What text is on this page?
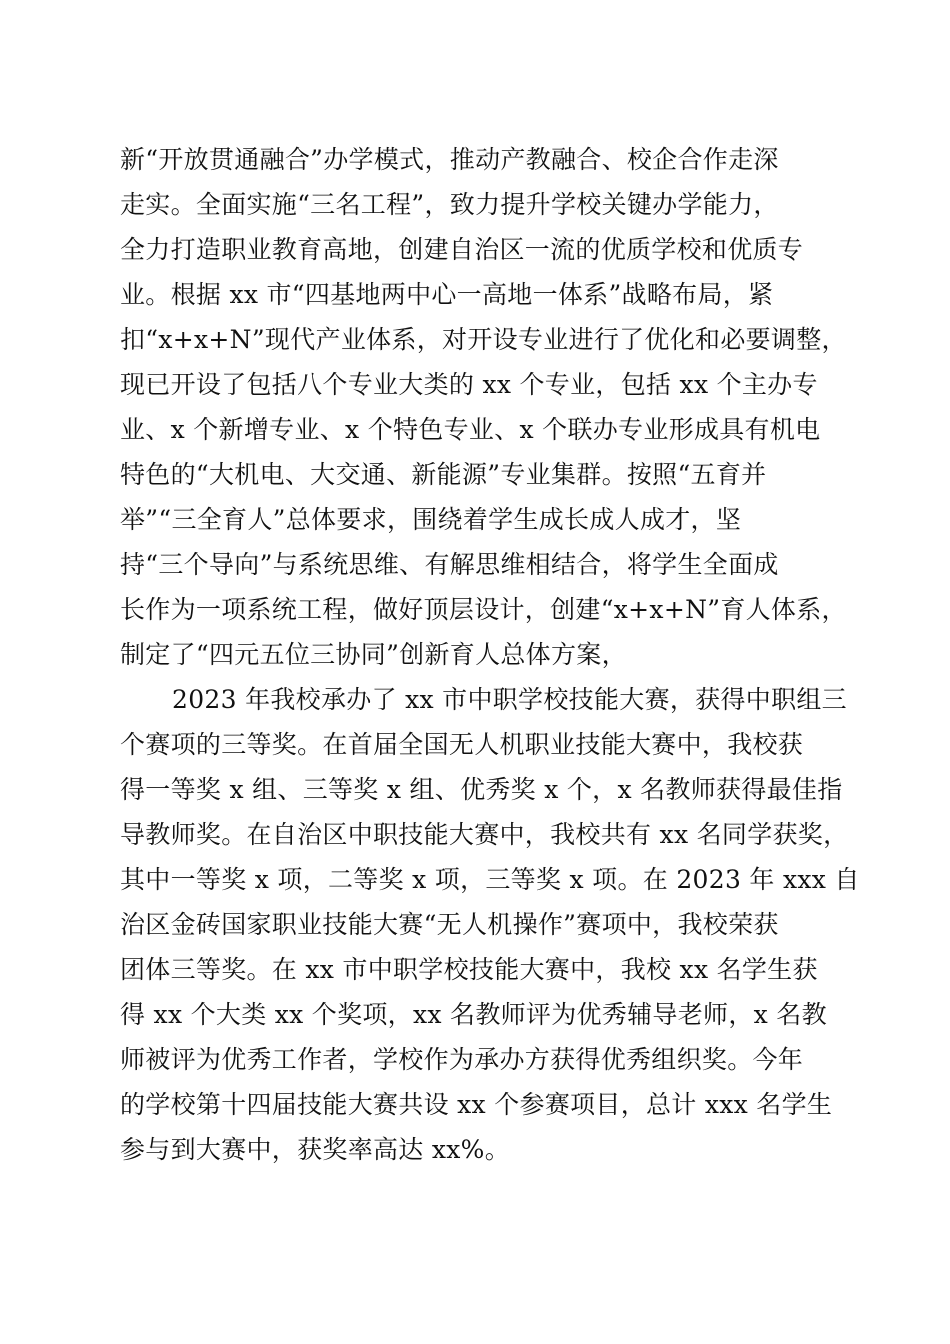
新“开放贯通融合”办学模式，推动产教融合、校企合作走深
走实。全面实施“三名工程”，致力提升学校关键办学能力，
全力打造职业教育高地，创建自治区一流的优质学校和优质专
业。根据 xx 市“四基地两中心一高地一体系”战略布局，紧
扣“x+x+N”现代产业体系，对开设专业进行了优化和必要调整，
现已开设了包括八个专业大类的 xx 个专业，包括 xx 个主办专
业、x 个新增专业、x 个特色专业、x 个联办专业形成具有机电
特色的“大机电、大交通、新能源”专业集群。按照“五育并
举”“三全育人”总体要求，围绕着学生成长成人成才，坚
持“三个导向”与系统思维、有解思维相结合，将学生全面成
长作为一项系统工程，做好顶层设计，创建“x+x+N”育人体系，
制定了“四元五位三协同”创新育人总体方案，
2023 年我校承办了 xx 市中职学校技能大赛，获得中职组三
个赛项的三等奖。在首届全国无人机职业技能大赛中，我校获
得一等奖 x 组、三等奖 x 组、优秀奖 x 个，x 名教师获得最佳指
导教师奖。在自治区中职技能大赛中，我校共有 xx 名同学获奖，
其中一等奖 x 项，二等奖 x 项，三等奖 x 项。在 2023 年 xxx 自
治区金砖国家职业技能大赛“无人机操作”赛项中，我校荣获
团体三等奖。在 xx 市中职学校技能大赛中，我校 xx 名学生获
得 xx 个大类 xx 个奖项，xx 名教师评为优秀辅导老师，x 名教
师被评为优秀工作者，学校作为承办方获得优秀组织奖。今年
的学校第十四届技能大赛共设 xx 个参赛项目，总计 xxx 名学生
参与到大赛中，获奖率高达 xx%。
